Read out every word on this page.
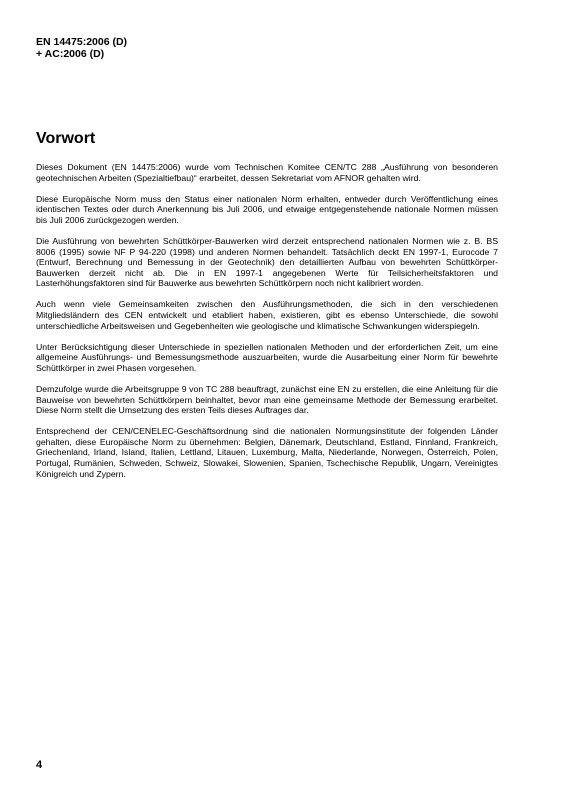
EN 14475:2006 (D)
+ AC:2006 (D)
Vorwort

Dieses Dokument (EN 14475:2006) wurde vom Technischen Komitee CEN/TC 288 „Ausführung von besonderen geotechnischen Arbeiten (Spezialtiefbau)“ erarbeitet, dessen Sekretariat vom AFNOR gehalten wird.

Diese Europäische Norm muss den Status einer nationalen Norm erhalten, entweder durch Veröffentlichung eines identischen Textes oder durch Anerkennung bis Juli 2006, und etwaige entgegenstehende nationale Normen müssen bis Juli 2006 zurückgezogen werden.

Die Ausführung von bewehrten Schüttkörper-Bauwerken wird derzeit entsprechend nationalen Normen wie z. B. BS 8006 (1995) sowie NF P 94-220 (1998) und anderen Normen behandelt. Tatsächlich deckt EN 1997-1, Eurocode 7 (Entwurf, Berechnung und Bemessung in der Geotechnik) den detaillierten Aufbau von bewehrten Schüttkörper-Bauwerken derzeit nicht ab. Die in EN 1997-1 angegebenen Werte für Teilsicherheitsfaktoren und Lasterhöhungsfaktoren sind für Bauwerke aus bewehrten Schüttkörpern noch nicht kalibriert worden.

Auch wenn viele Gemeinsamkeiten zwischen den Ausführungsmethoden, die sich in den verschiedenen Mitgliedsländern des CEN entwickelt und etabliert haben, existieren, gibt es ebenso Unterschiede, die sowohl unterschiedliche Arbeitsweisen und Gegebenheiten wie geologische und klimatische Schwankungen widerspiegeln.

Unter Berücksichtigung dieser Unterschiede in speziellen nationalen Methoden und der erforderlichen Zeit, um eine allgemeine Ausführungs- und Bemessungsmethode auszuarbeiten, wurde die Ausarbeitung einer Norm für bewehrte Schüttkörper in zwei Phasen vorgesehen.

Demzufolge wurde die Arbeitsgruppe 9 von TC 288 beauftragt, zunächst eine EN zu erstellen, die eine Anleitung für die Bauweise von bewehrten Schüttkörpern beinhaltet, bevor man eine gemeinsame Methode der Bemessung erarbeitet. Diese Norm stellt die Umsetzung des ersten Teils dieses Auftrages dar.

Entsprechend der CEN/CENELEC-Geschäftsordnung sind die nationalen Normungsinstitute der folgenden Länder gehalten, diese Europäische Norm zu übernehmen: Belgien, Dänemark, Deutschland, Estland, Finnland, Frankreich, Griechenland, Irland, Island, Italien, Lettland, Litauen, Luxemburg, Malta, Niederlande, Norwegen, Österreich, Polen, Portugal, Rumänien, Schweden, Schweiz, Slowakei, Slowenien, Spanien, Tschechische Republik, Ungarn, Vereinigtes Königreich und Zypern.

4
